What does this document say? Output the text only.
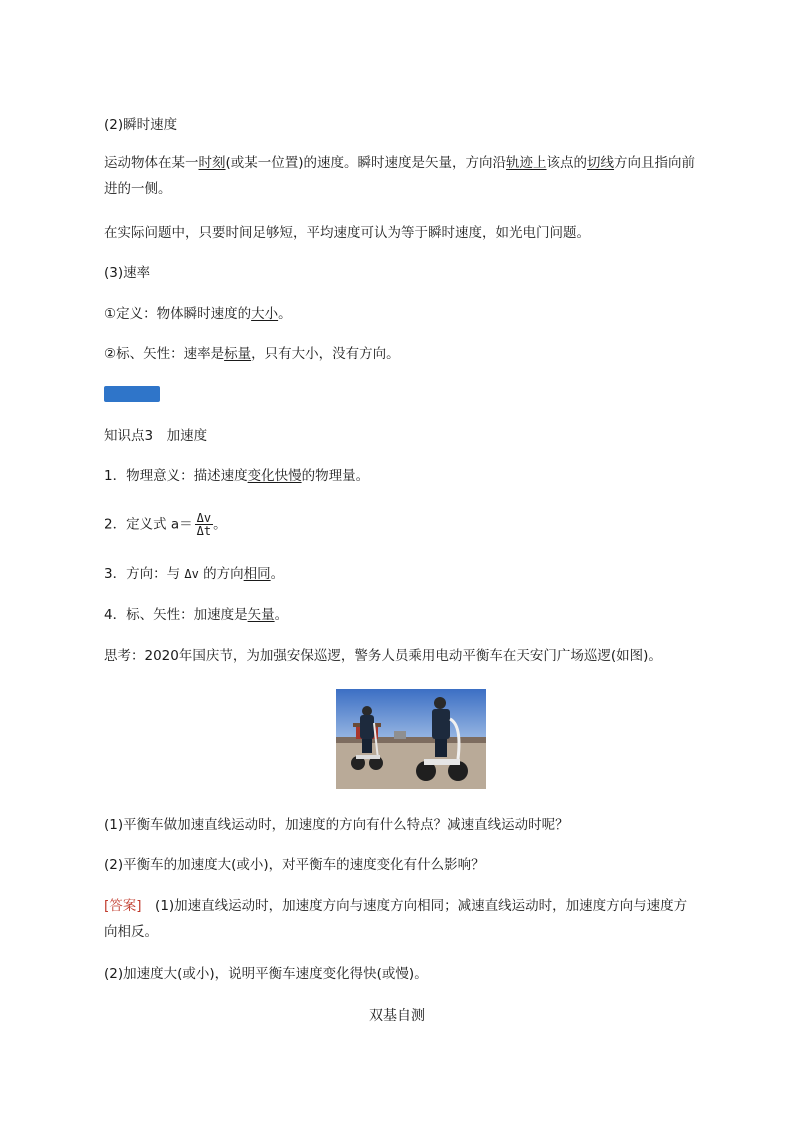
(2)瞬时速度
运动物体在某一时刻(或某一位置)的速度。瞬时速度是矢量，方向沿轨迹上该点的切线方向且指向前
进的一侧。
在实际问题中，只要时间足够短，平均速度可认为等于瞬时速度，如光电门问题。
(3)速率
①定义：物体瞬时速度的大小。
②标、矢性：速率是标量，只有大小，没有方向。
知识点3　加速度
1．物理意义：描述速度变化快慢的物理量。
2．定义式 $a= \frac{\Delta v}{\Delta t}$ 。
3．方向：与 Δv 的方向相同。
4．标、矢性：加速度是矢量。
思考：2020年国庆节，为加强安保巡逻，警务人员乘用电动平衡车在天安门广场巡逻(如图)。
(1)平衡车做加速直线运动时，加速度的方向有什么特点？减速直线运动时呢？
(2)平衡车的加速度大(或小)，对平衡车的速度变化有什么影响？
[答案]　 (1)加速直线运动时，加速度方向与速度方向相同；减速直线运动时，加速度方向与速度方
向相反。
(2)加速度大(或小)，说明平衡车速度变化得快(或慢)。
双基自测
